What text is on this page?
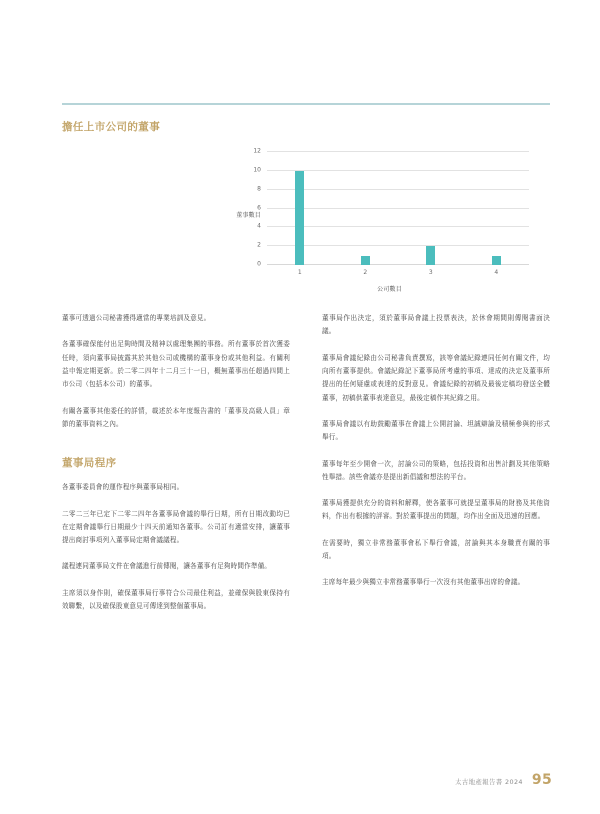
擔任上市公司的董事
董事數目
12
10
8
6
4
2
0
1	2	3	4
公司數目

董事可透過公司秘書獲得適當的專業培訓及意見。

各董事確保能付出足夠時間及精神以處理集團的事務。所有董事於首次獲委任時，須向董事局披露其於其他公司或機構的董事身份或其他利益。有關利益申報定期更新。於二零二四年十二月三十一日，概無董事出任超過四間上市公司（包括本公司）的董事。

有關各董事其他委任的詳情，載述於本年度報告書的「董事及高級人員」章節的董事資料之內。

董事局程序

各董事委員會的運作程序與董事局相同。

二零二三年已定下二零二四年各董事局會議的舉行日期，所有日期改動均已在定期會議舉行日期最少十四天前通知各董事。公司訂有適當安排，讓董事提出商討事項列入董事局定期會議議程。

議程連同董事局文件在會議進行前傳閱，讓各董事有足夠時間作準備。

主席須以身作則，確保董事局行事符合公司最佳利益，並確保與股東保持有效聯繫，以及確保股東意見可傳達到整個董事局。

董事局作出決定，須於董事局會議上投票表決，於休會期間則傳閱書面決議。

董事局會議紀錄由公司秘書負責撰寫，該等會議紀錄連同任何有關文件，均向所有董事提供。會議紀錄記下董事局所考慮的事項、達成的決定及董事所提出的任何疑慮或表達的反對意見。會議紀錄的初稿及最後定稿均發送全體董事，初稿供董事表達意見，最後定稿作其紀錄之用。

董事局會議以有助鼓勵董事在會議上公開討論、坦誠辯論及積極參與的形式舉行。

董事每年至少開會一次，討論公司的策略，包括投資和出售計劃及其他策略性舉措。該些會議亦是提出新倡議和想法的平台。

董事局獲提供充分的資料和解釋，使各董事可就提呈董事局的財務及其他資料，作出有根據的評審。對於董事提出的問題，均作出全面及迅速的回應。

在需要時，獨立非常務董事會私下舉行會議，討論與其本身職責有關的事項。

主席每年最少與獨立非常務董事舉行一次沒有其他董事出席的會議。

太古地產報告書 2024 95
